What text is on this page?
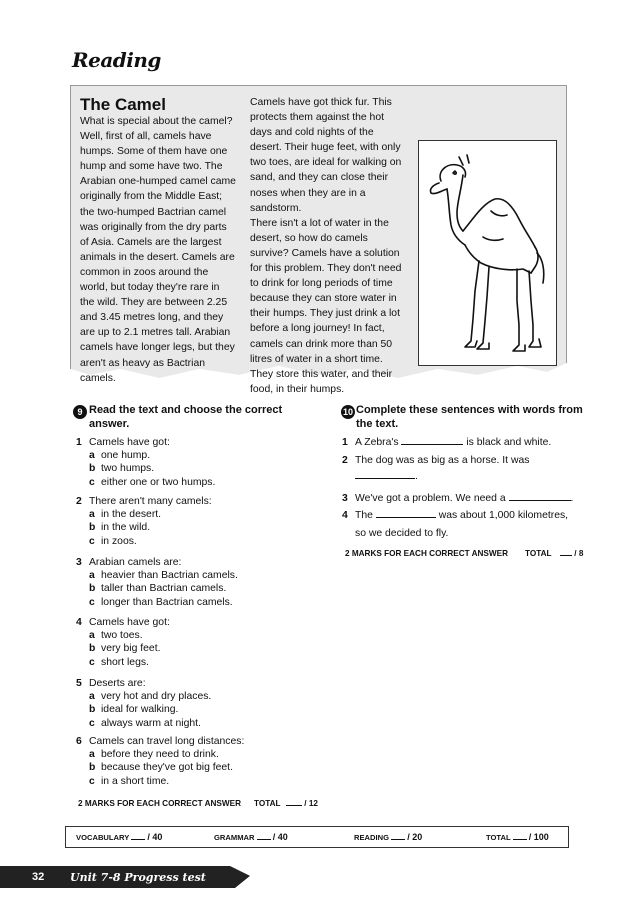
Reading
The Camel
What is special about the camel?
Well, first of all, camels have
humps. Some of them have one
hump and some have two. The
Arabian one-humped camel came
originally from the Middle East;
the two-humped Bactrian camel
was originally from the dry parts
of Asia. Camels are the largest
animals in the desert. Camels are
common in zoos around the
world, but today they're rare in
the wild. They are between 2.25
and 3.45 metres long, and they
are up to 2.1 metres tall. Arabian
camels have longer legs, but they
aren't as heavy as Bactrian
camels.
Camels have got thick fur. This
protects them against the hot
days and cold nights of the
desert. Their huge feet, with only
two toes, are ideal for walking on
sand, and they can close their
noses when they are in a
sandstorm.
There isn't a lot of water in the
desert, so how do camels
survive? Camels have a solution
for this problem. They don't need
to drink for long periods of time
because they can store water in
their humps. They just drink a lot
before a long journey! In fact,
camels can drink more than 50
litres of water in a short time.
They store this water, and their
food, in their humps.
9 Read the text and choose the correct
answer.
1 Camels have got:
a one hump.
b two humps.
c either one or two humps.
2 There aren't many camels:
a in the desert.
b in the wild.
c in zoos.
3 Arabian camels are:
a heavier than Bactrian camels.
b taller than Bactrian camels.
c longer than Bactrian camels.
4 Camels have got:
a two toes.
b very big feet.
c short legs.
5 Deserts are:
a very hot and dry places.
b ideal for walking.
c always warm at night.
6 Camels can travel long distances:
a before they need to drink.
b because they've got big feet.
c in a short time.
2 MARKS FOR EACH CORRECT ANSWER TOTAL	/ 12
10 Complete these sentences with words from
the text.
1 A Zebra's	is black and white.
2 The dog was as big as a horse. It was
.
3 We've got a problem. We need a	.
4 The	was about 1,000 kilometres,
so we decided to fly.
2 MARKS FOR EACH CORRECT ANSWER TOTAL	/ 8
VOCABULARY / 40	GRAMMAR / 40	READING / 20	TOTAL / 100
32 Unit 7-8 Progress test
